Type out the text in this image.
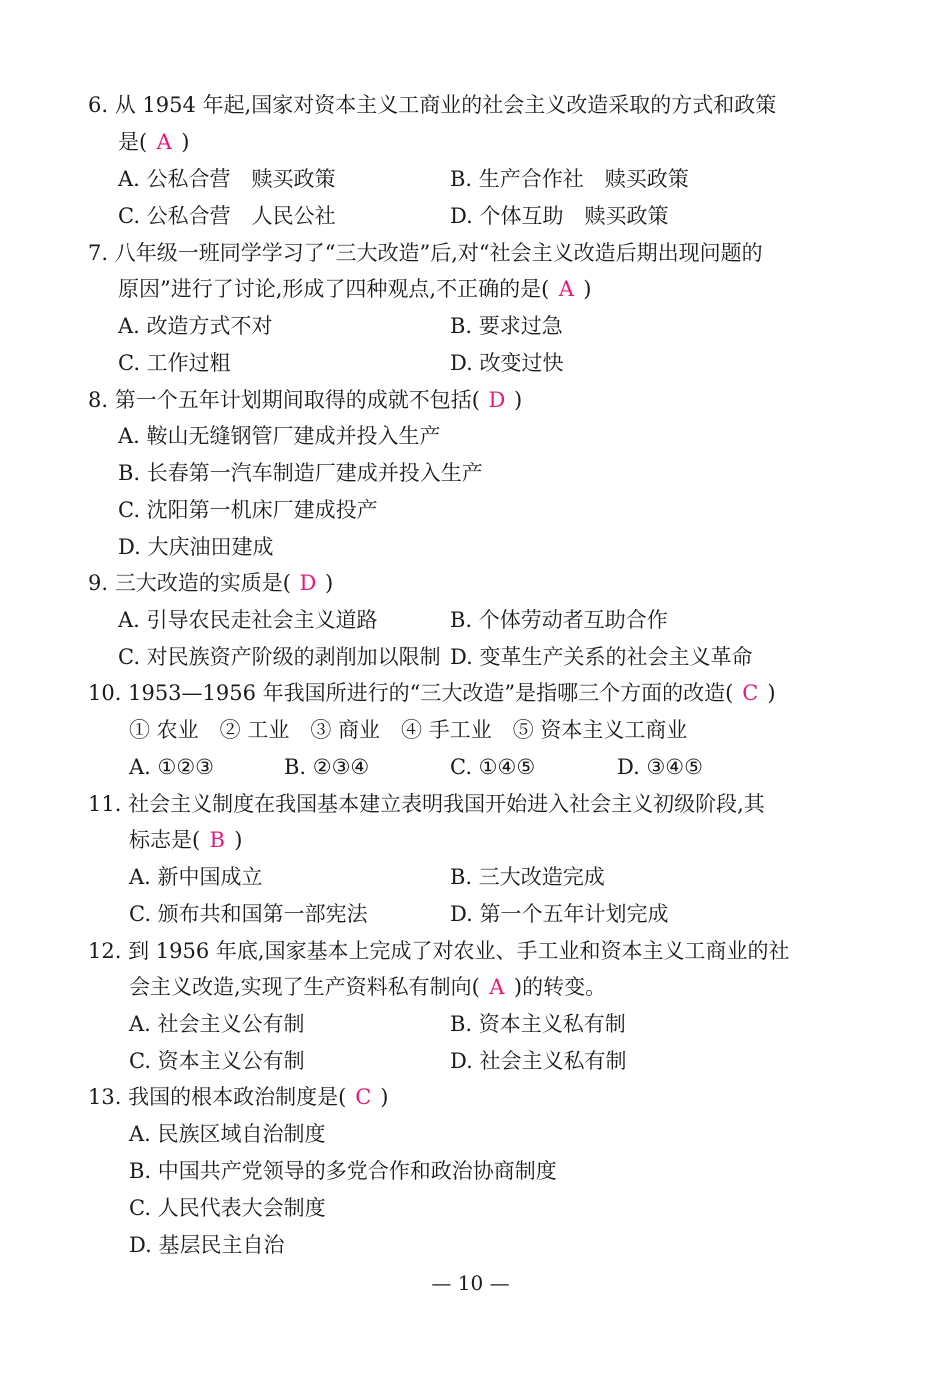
6. 从 1954 年起,国家对资本主义工商业的社会主义改造采取的方式和政策
是( A )
A. 公私合营　赎买政策	B. 生产合作社　赎买政策
C. 公私合营　人民公社	D. 个体互助　赎买政策
7. 八年级一班同学学习了“三大改造”后,对“社会主义改造后期出现问题的
原因”进行了讨论,形成了四种观点,不正确的是( A )
A. 改造方式不对	B. 要求过急
C. 工作过粗	D. 改变过快
8. 第一个五年计划期间取得的成就不包括( D )
A. 鞍山无缝钢管厂建成并投入生产
B. 长春第一汽车制造厂建成并投入生产
C. 沈阳第一机床厂建成投产
D. 大庆油田建成
9. 三大改造的实质是( D )
A. 引导农民走社会主义道路	B. 个体劳动者互助合作
C. 对民族资产阶级的剥削加以限制 D. 变革生产关系的社会主义革命
10. 1953—1956 年我国所进行的“三大改造”是指哪三个方面的改造( C )
① 农业　② 工业　③ 商业　④ 手工业　⑤ 资本主义工商业
A. ①②③	B. ②③④	C. ①④⑤	D. ③④⑤
11. 社会主义制度在我国基本建立表明我国开始进入社会主义初级阶段,其
标志是( B )
A. 新中国成立	B. 三大改造完成
C. 颁布共和国第一部宪法	D. 第一个五年计划完成
12. 到 1956 年底,国家基本上完成了对农业、手工业和资本主义工商业的社
会主义改造,实现了生产资料私有制向( A )的转变。
A. 社会主义公有制	B. 资本主义私有制
C. 资本主义公有制	D. 社会主义私有制
13. 我国的根本政治制度是( C )
A. 民族区域自治制度
B. 中国共产党领导的多党合作和政治协商制度
C. 人民代表大会制度
D. 基层民主自治
— 10 —
